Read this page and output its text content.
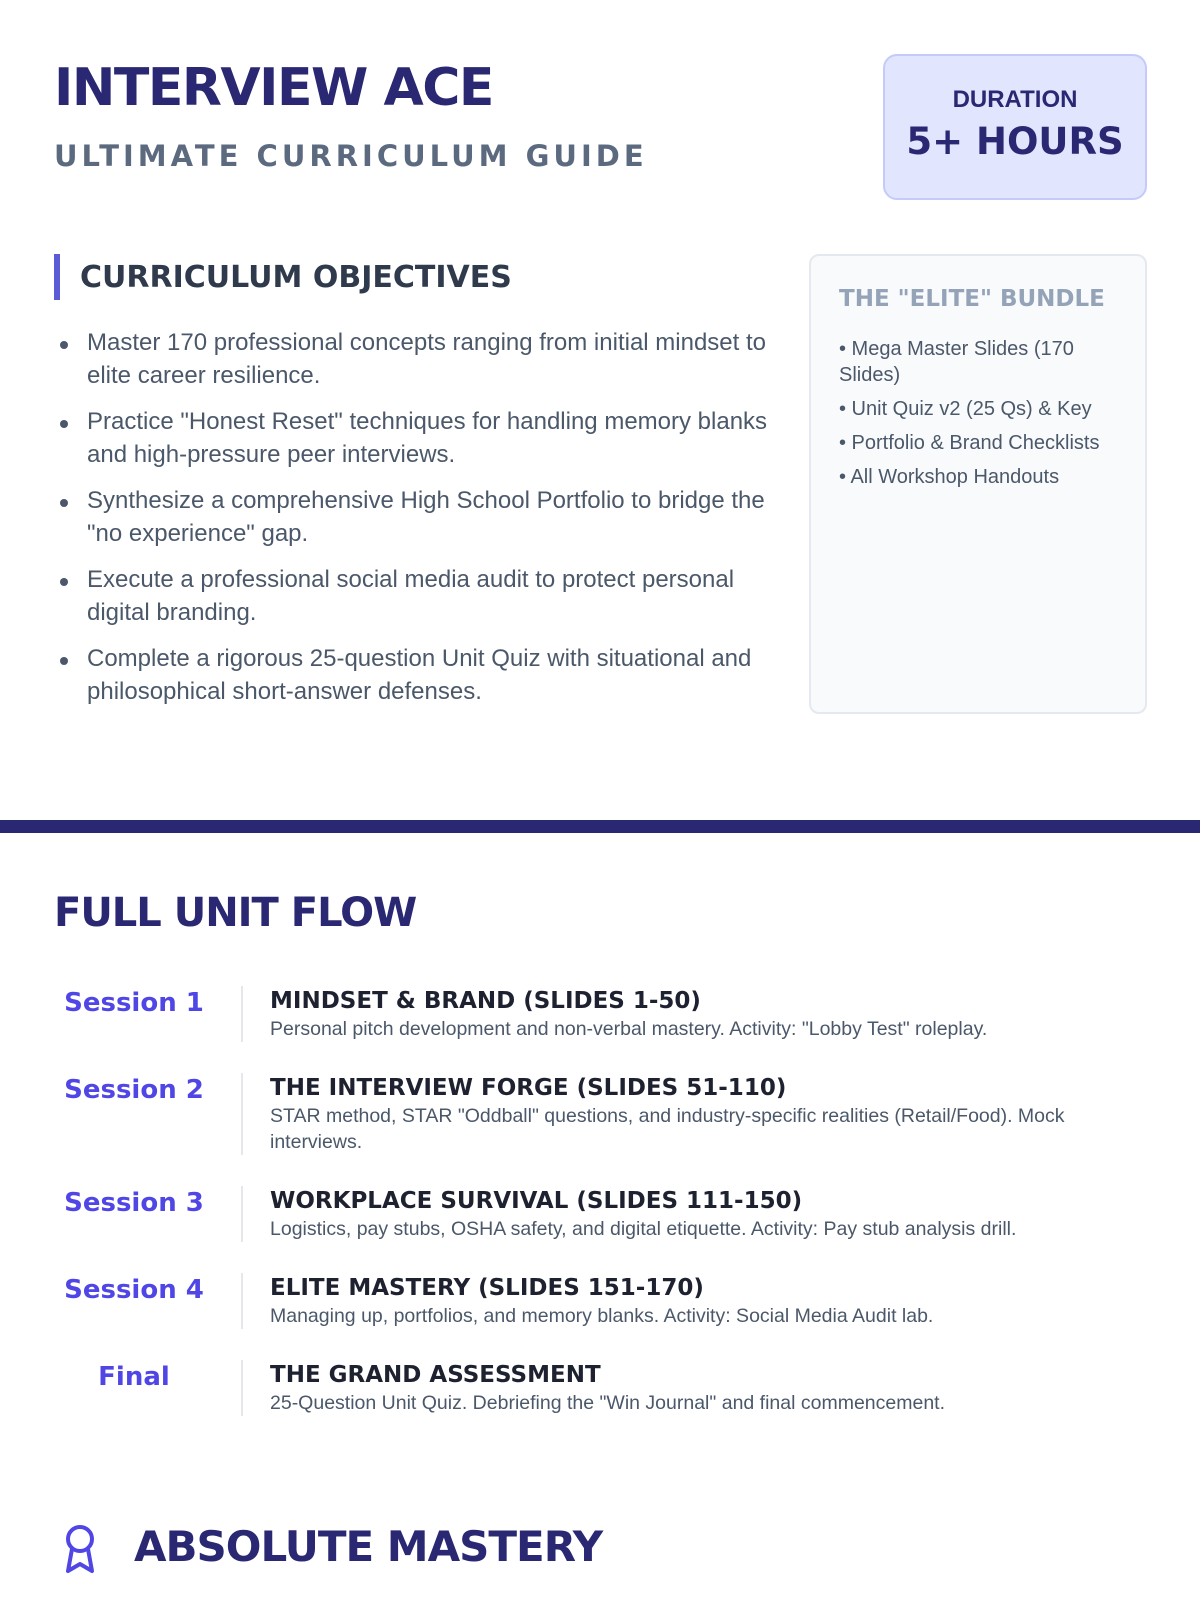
INTERVIEW ACE
ULTIMATE CURRICULUM GUIDE
DURATION
5+ HOURS
CURRICULUM OBJECTIVES
Master 170 professional concepts ranging from initial mindset to elite career resilience.
Practice "Honest Reset" techniques for handling memory blanks and high-pressure peer interviews.
Synthesize a comprehensive High School Portfolio to bridge the "no experience" gap.
Execute a professional social media audit to protect personal digital branding.
Complete a rigorous 25-question Unit Quiz with situational and philosophical short-answer defenses.
THE "ELITE" BUNDLE
• Mega Master Slides (170 Slides)
• Unit Quiz v2 (25 Qs) & Key
• Portfolio & Brand Checklists
• All Workshop Handouts
FULL UNIT FLOW
Session 1	MINDSET & BRAND (SLIDES 1-50)
Personal pitch development and non-verbal mastery. Activity: "Lobby Test" roleplay.
Session 2	THE INTERVIEW FORGE (SLIDES 51-110)
STAR method, STAR "Oddball" questions, and industry-specific realities (Retail/Food). Mock interviews.
Session 3	WORKPLACE SURVIVAL (SLIDES 111-150)
Logistics, pay stubs, OSHA safety, and digital etiquette. Activity: Pay stub analysis drill.
Session 4	ELITE MASTERY (SLIDES 151-170)
Managing up, portfolios, and memory blanks. Activity: Social Media Audit lab.
Final	THE GRAND ASSESSMENT
25-Question Unit Quiz. Debriefing the "Win Journal" and final commencement.
ABSOLUTE MASTERY
